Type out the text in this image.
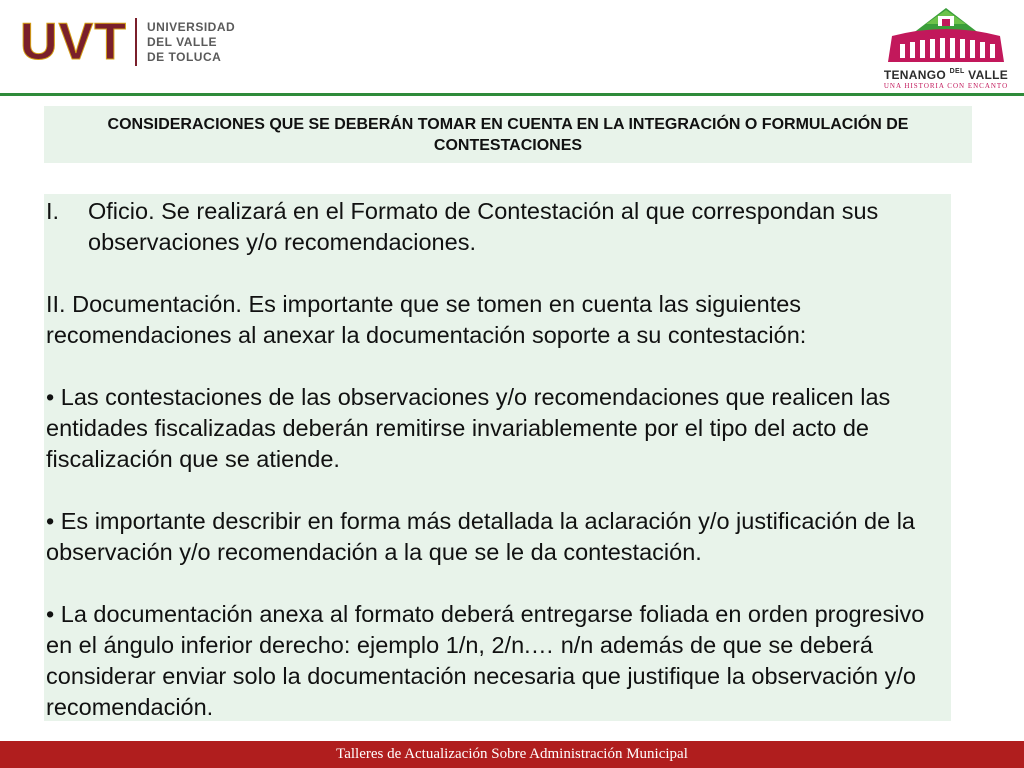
UVT UNIVERSIDAD
DEL VALLE
DE TOLUCA
TENANGO $^{DEL}$ VALLE
UNA HISTORIA CON ENCANTO
CONSIDERACIONES QUE SE DEBERÁN TOMAR EN CUENTA EN LA INTEGRACIÓN O FORMULACIÓN DE CONTESTACIONES
I.	Oficio. Se realizará en el Formato de Contestación al que correspondan sus observaciones y/o recomendaciones.

II. Documentación. Es importante que se tomen en cuenta las siguientes recomendaciones al anexar la documentación soporte a su contestación:

• Las contestaciones de las observaciones y/o recomendaciones que realicen las entidades fiscalizadas deberán remitirse invariablemente por el tipo del acto de fiscalización que se atiende.

• Es importante describir en forma más detallada la aclaración y/o justificación de la observación y/o recomendación a la que se le da contestación.

• La documentación anexa al formato deberá entregarse foliada en orden progresivo en el ángulo inferior derecho: ejemplo 1/n, 2/n.… n/n además de que se deberá considerar enviar solo la documentación necesaria que justifique la observación y/o recomendación.

Talleres de Actualización Sobre Administración Municipal
